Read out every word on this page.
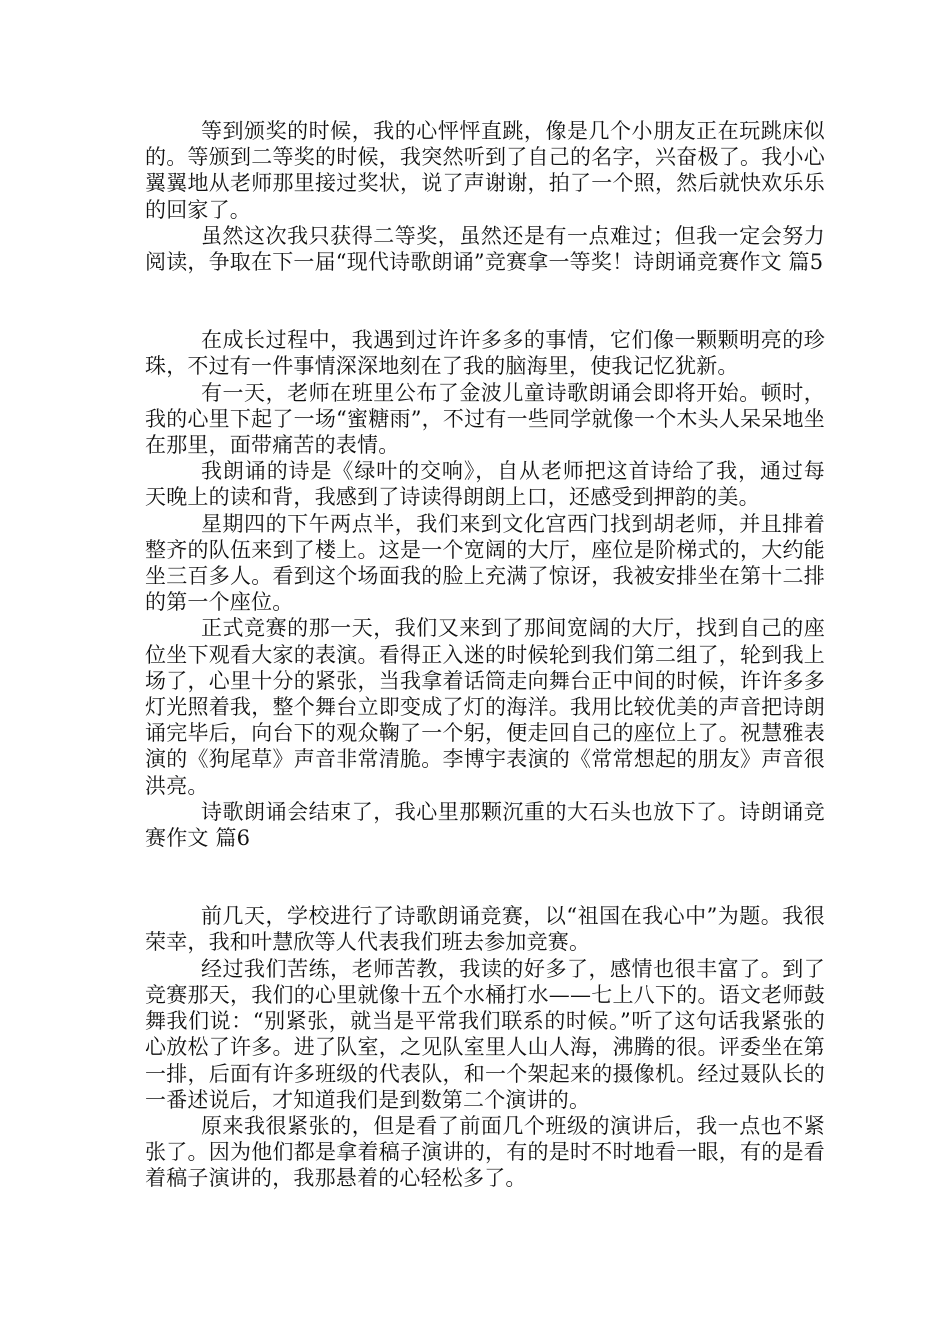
等到颁奖的时候，我的心怦怦直跳，像是几个小朋友正在玩跳床似的。等颁到二等奖的时候，我突然听到了自己的名字，兴奋极了。我小心翼翼地从老师那里接过奖状，说了声谢谢，拍了一个照，然后就快欢乐乐的回家了。

虽然这次我只获得二等奖，虽然还是有一点难过；但我一定会努力阅读，争取在下一届“现代诗歌朗诵”竞赛拿一等奖！诗朗诵竞赛作文 篇5

在成长过程中，我遇到过许许多多的事情，它们像一颗颗明亮的珍珠，不过有一件事情深深地刻在了我的脑海里，使我记忆犹新。

有一天，老师在班里公布了金波儿童诗歌朗诵会即将开始。顿时，我的心里下起了一场“蜜糖雨”，不过有一些同学就像一个木头人呆呆地坐在那里，面带痛苦的表情。

我朗诵的诗是《绿叶的交响》，自从老师把这首诗给了我，通过每天晚上的读和背，我感到了诗读得朗朗上口，还感受到押韵的美。

星期四的下午两点半，我们来到文化宫西门找到胡老师，并且排着整齐的队伍来到了楼上。这是一个宽阔的大厅，座位是阶梯式的，大约能坐三百多人。看到这个场面我的脸上充满了惊讶，我被安排坐在第十二排的第一个座位。

正式竞赛的那一天，我们又来到了那间宽阔的大厅，找到自己的座位坐下观看大家的表演。看得正入迷的时候轮到我们第二组了，轮到我上场了，心里十分的紧张，当我拿着话筒走向舞台正中间的时候，许许多多灯光照着我，整个舞台立即变成了灯的海洋。我用比较优美的声音把诗朗诵完毕后，向台下的观众鞠了一个躬，便走回自己的座位上了。祝慧雅表演的《狗尾草》声音非常清脆。李博宇表演的《常常想起的朋友》声音很洪亮。

诗歌朗诵会结束了，我心里那颗沉重的大石头也放下了。诗朗诵竞赛作文 篇6

前几天，学校进行了诗歌朗诵竞赛，以“祖国在我心中”为题。我很荣幸，我和叶慧欣等人代表我们班去参加竞赛。

经过我们苦练，老师苦教，我读的好多了，感情也很丰富了。到了竞赛那天，我们的心里就像十五个水桶打水——七上八下的。语文老师鼓舞我们说：“别紧张，就当是平常我们联系的时候。”听了这句话我紧张的心放松了许多。进了队室，之见队室里人山人海，沸腾的很。评委坐在第一排，后面有许多班级的代表队，和一个架起来的摄像机。经过聂队长的一番述说后，才知道我们是到数第二个演讲的。

原来我很紧张的，但是看了前面几个班级的演讲后，我一点也不紧张了。因为他们都是拿着稿子演讲的，有的是时不时地看一眼，有的是看着稿子演讲的，我那悬着的心轻松多了。
